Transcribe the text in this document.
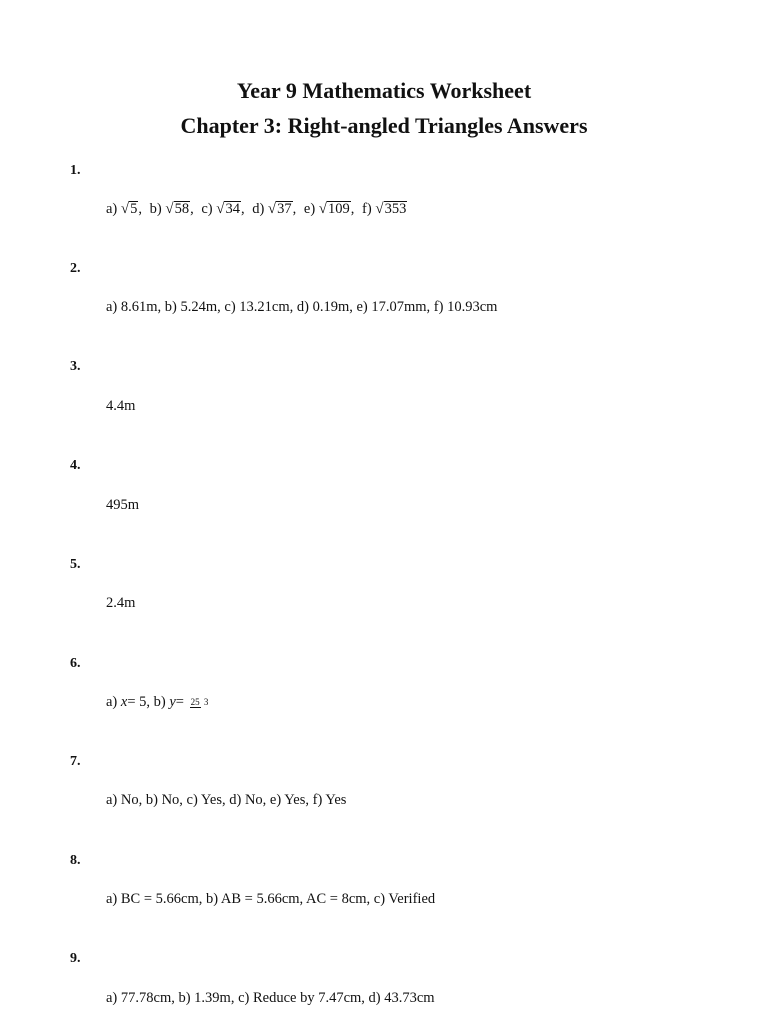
Year 9 Mathematics Worksheet
Chapter 3: Right-angled Triangles Answers
1.
a) √5, b) √58, c) √34, d) √37, e) √109, f) √353
2.
a) 8.61m, b) 5.24m, c) 13.21cm, d) 0.19m, e) 17.07mm, f) 10.93cm
3.
4.4m
4.
495m
5.
2.4m
6.
a) x= 5, b) y= 25 3
7.
a) No, b) No, c) Yes, d) No, e) Yes, f) Yes
8.
a) BC = 5.66cm, b) AB = 5.66cm, AC = 8cm, c) Verified
9.
a) 77.78cm, b) 1.39m, c) Reduce by 7.47cm, d) 43.73cm
